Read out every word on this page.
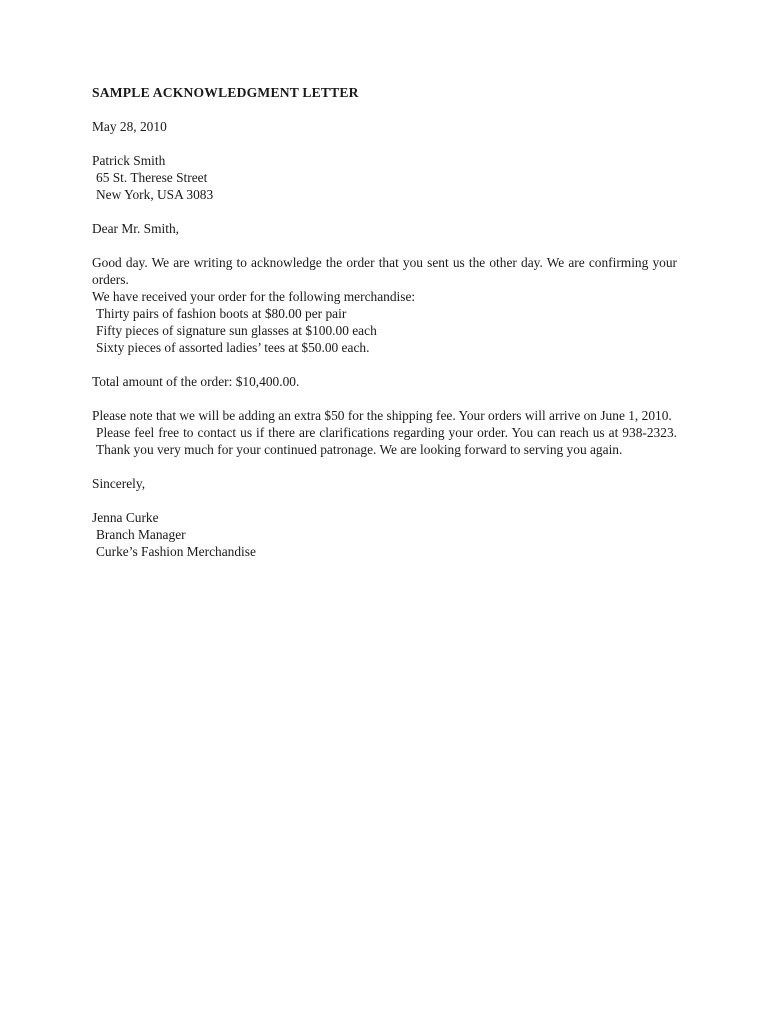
SAMPLE ACKNOWLEDGMENT LETTER
May 28, 2010
Patrick Smith
65 St. Therese Street
New York, USA 3083
Dear Mr. Smith,
Good day. We are writing to acknowledge the order that you sent us the other day. We are confirming your orders.
We have received your order for the following merchandise:
Thirty pairs of fashion boots at $80.00 per pair
Fifty pieces of signature sun glasses at $100.00 each
Sixty pieces of assorted ladies’ tees at $50.00 each.
Total amount of the order: $10,400.00.
Please note that we will be adding an extra $50 for the shipping fee. Your orders will arrive on June 1, 2010.
Please feel free to contact us if there are clarifications regarding your order. You can reach us at 938-2323. Thank you very much for your continued patronage. We are looking forward to serving you again.
Sincerely,
Jenna Curke
Branch Manager
Curke’s Fashion Merchandise
